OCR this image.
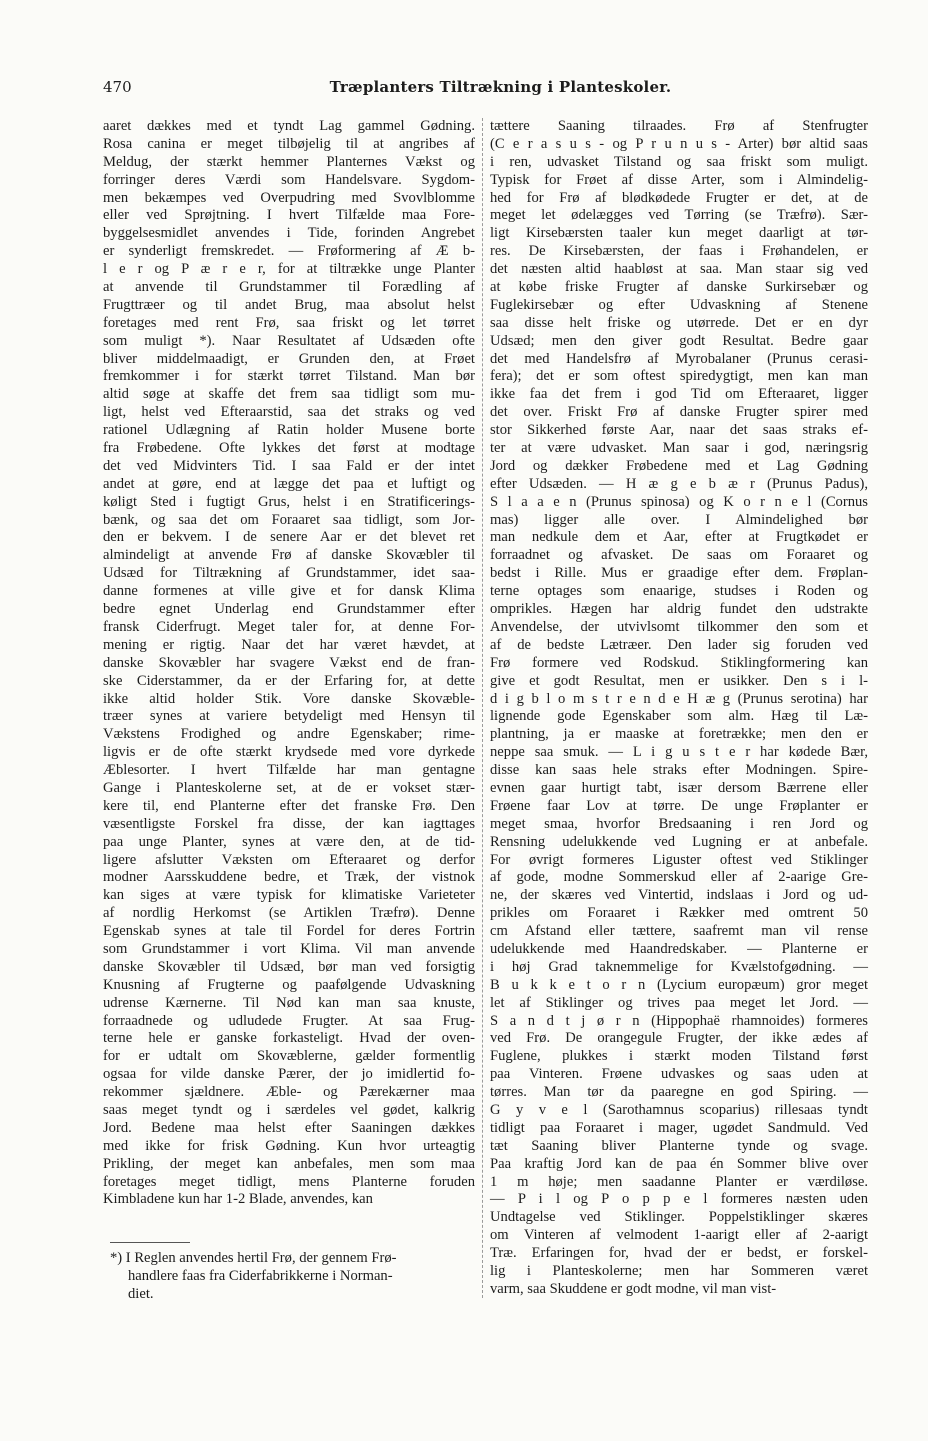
470	Træplanters Tiltrækning i Planteskoler.
aaret dækkes med et tyndt Lag gammel Gødning.
Rosa canina er meget tilbøjelig til at angribes af
Meldug, der stærkt hemmer Planternes Vækst og
forringer deres Værdi som Handelsvare. Sygdom-
men bekæmpes ved Overpudring med Svovlblomme
eller ved Sprøjtning. I hvert Tilfælde maa Fore-
byggelsesmidlet anvendes i Tide, forinden Angrebet
er synderligt fremskredet. — Frøformering af Æ b-
l e r og P æ r e r, for at tiltrække unge Planter
at anvende til Grundstammer til Forædling af
Frugttræer og til andet Brug, maa absolut helst
foretages med rent Frø, saa friskt og let tørret
som muligt *). Naar Resultatet af Udsæden ofte
bliver middelmaadigt, er Grunden den, at Frøet
fremkommer i for stærkt tørret Tilstand. Man bør
altid søge at skaffe det frem saa tidligt som mu-
ligt, helst ved Efteraarstid, saa det straks og ved
rationel Udlægning af Ratin holder Musene borte
fra Frøbedene. Ofte lykkes det først at modtage
det ved Midvinters Tid. I saa Fald er der intet
andet at gøre, end at lægge det paa et luftigt og
køligt Sted i fugtigt Grus, helst i en Stratificerings-
bænk, og saa det om Foraaret saa tidligt, som Jor-
den er bekvem. I de senere Aar er det blevet ret
almindeligt at anvende Frø af danske Skovæbler til
Udsæd for Tiltrækning af Grundstammer, idet saa-
danne formenes at ville give et for dansk Klima
bedre egnet Underlag end Grundstammer efter
fransk Ciderfrugt. Meget taler for, at denne For-
mening er rigtig. Naar det har været hævdet, at
danske Skovæbler har svagere Vækst end de fran-
ske Ciderstammer, da er der Erfaring for, at dette
ikke altid holder Stik. Vore danske Skovæble-
træer synes at variere betydeligt med Hensyn til
Vækstens Frodighed og andre Egenskaber; rime-
ligvis er de ofte stærkt krydsede med vore dyrkede
Æblesorter. I hvert Tilfælde har man gentagne
Gange i Planteskolerne set, at de er vokset stær-
kere til, end Planterne efter det franske Frø. Den
væsentligste Forskel fra disse, der kan iagttages
paa unge Planter, synes at være den, at de tid-
ligere afslutter Væksten om Efteraaret og derfor
modner Aarsskuddene bedre, et Træk, der vistnok
kan siges at være typisk for klimatiske Varieteter
af nordlig Herkomst (se Artiklen Træfrø). Denne
Egenskab synes at tale til Fordel for deres Fortrin
som Grundstammer i vort Klima. Vil man anvende
danske Skovæbler til Udsæd, bør man ved forsigtig
Knusning af Frugterne og paafølgende Udvaskning
udrense Kærnerne. Til Nød kan man saa knuste,
forraadnede og udludede Frugter. At saa Frug-
terne hele er ganske forkasteligt. Hvad der oven-
for er udtalt om Skovæblerne, gælder formentlig
ogsaa for vilde danske Pærer, der jo imidlertid fo-
rekommer sjældnere. Æble- og Pærekærner maa
saas meget tyndt og i særdeles vel gødet, kalkrig
Jord. Bedene maa helst efter Saaningen dækkes
med ikke for frisk Gødning. Kun hvor urteagtig
Prikling, der meget kan anbefales, men som maa
foretages meget tidligt, mens Planterne foruden
Kimbladene kun har 1-2 Blade, anvendes, kan
tættere Saaning tilraades. Frø af Stenfrugter
(C e r a s u s - og P r u n u s - Arter) bør altid saas
i ren, udvasket Tilstand og saa friskt som muligt.
Typisk for Frøet af disse Arter, som i Almindelig-
hed for Frø af blødkødede Frugter er det, at de
meget let ødelægges ved Tørring (se Træfrø). Sær-
ligt Kirsebærsten taaler kun meget daarligt at tør-
res. De Kirsebærsten, der faas i Frøhandelen, er
det næsten altid haabløst at saa. Man staar sig ved
at købe friske Frugter af danske Surkirsebær og
Fuglekirsebær og efter Udvaskning af Stenene
saa disse helt friske og utørrede. Det er en dyr
Udsæd; men den giver godt Resultat. Bedre gaar
det med Handelsfrø af Myrobalaner (Prunus cerasi-
fera); det er som oftest spiredygtigt, men kan man
ikke faa det frem i god Tid om Efteraaret, ligger
det over. Friskt Frø af danske Frugter spirer med
stor Sikkerhed første Aar, naar det saas straks ef-
ter at være udvasket. Man saar i god, næringsrig
Jord og dækker Frøbedene med et Lag Gødning
efter Udsæden. — H æ g e b æ r (Prunus Padus),
S l a a e n (Prunus spinosa) og K o r n e l (Cornus
mas) ligger alle over. I Almindelighed bør
man nedkule dem et Aar, efter at Frugtkødet er
forraadnet og afvasket. De saas om Foraaret og
bedst i Rille. Mus er graadige efter dem. Frøplan-
terne optages som enaarige, studses i Roden og
omprikles. Hægen har aldrig fundet den udstrakte
Anvendelse, der utvivlsomt tilkommer den som et
af de bedste Lætræer. Den lader sig foruden ved
Frø formere ved Rodskud. Stiklingformering kan
give et godt Resultat, men er usikker. Den s i l-
d i g b l o m s t r e n d e H æ g (Prunus serotina) har
lignende gode Egenskaber som alm. Hæg til Læ-
plantning, ja er maaske at foretrække; men den er
neppe saa smuk. — L i g u s t e r har kødede Bær,
disse kan saas hele straks efter Modningen. Spire-
evnen gaar hurtigt tabt, især dersom Bærrene eller
Frøene faar Lov at tørre. De unge Frøplanter er
meget smaa, hvorfor Bredsaaning i ren Jord og
Rensning udelukkende ved Lugning er at anbefale.
For øvrigt formeres Liguster oftest ved Stiklinger
af gode, modne Sommerskud eller af 2-aarige Gre-
ne, der skæres ved Vintertid, indslaas i Jord og ud-
prikles om Foraaret i Rækker med omtrent 50
cm Afstand eller tættere, saafremt man vil rense
udelukkende med Haandredskaber. — Planterne er
i høj Grad taknemmelige for Kvælstofgødning. —
B u k k e t o r n (Lycium europæum) gror meget
let af Stiklinger og trives paa meget let Jord. —
S a n d t j ø r n (Hippophaë rhamnoides) formeres
ved Frø. De orangegule Frugter, der ikke ædes af
Fuglene, plukkes i stærkt moden Tilstand først
paa Vinteren. Frøene udvaskes og saas uden at
tørres. Man tør da paaregne en god Spiring. —
G y v e l (Sarothamnus scoparius) rillesaas tyndt
tidligt paa Foraaret i mager, ugødet Sandmuld. Ved
tæt Saaning bliver Planterne tynde og svage.
Paa kraftig Jord kan de paa én Sommer blive over
1 m høje; men saadanne Planter er værdiløse.
— P i l og P o p p e l formeres næsten uden
Undtagelse ved Stiklinger. Poppelstiklinger skæres
om Vinteren af velmodent 1-aarigt eller af 2-aarigt
Træ. Erfaringen for, hvad der er bedst, er forskel-
lig i Planteskolerne; men har Sommeren været
varm, saa Skuddene er godt modne, vil man vist-
*) I Reglen anvendes hertil Frø, der gennem Frø-
handlere faas fra Ciderfabrikkerne i Norman-
diet.
